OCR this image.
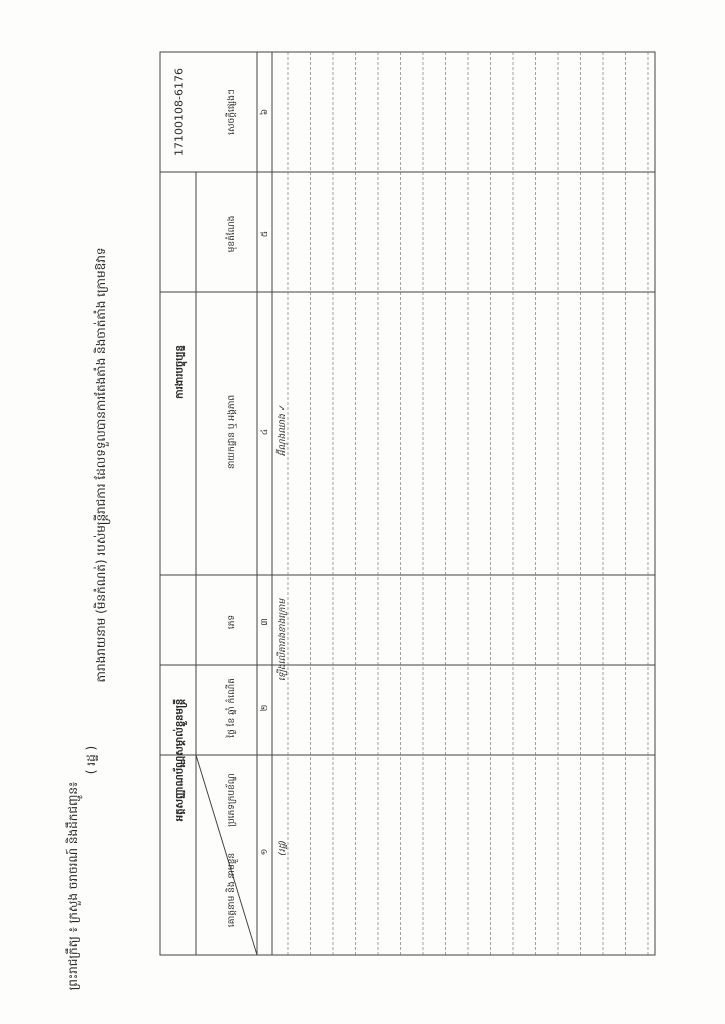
តារាងរាយនាម (មិនកំណត់) របស់មន្ត្រីរាជការ ដែលទទួលបានការតែងតាំង និងចាត់តាំង ក្រោមឱវាទ
ព្រះរាជក្រឹត្យ ៖ ក្រសួង ចរាចរណ៍ និងដឹកជញ្ជូន៖
( រដ្ឋ )
17100108-6176
អត្តសញ្ញាណប័ណ្ណសម្គាល់ខ្លួនមន្ត្រី
ការងារបច្ចុប្បន្ន
គោត្តនាម និង នាមខ្លួន
ប្រភេទក្របខ័ណ្ឌ
ថ្ងៃ ខែ ឆ្នាំ កំណើត
ភេទ
នាយកដ្ឋាន ឬ អង្គភាព
មុខតំណែង
សេចក្តីផ្សេងៗ
១
២
៣
៤
៥
៦
(រដ្ឋ)
ឡើងលើតារាងខាងក្រោម
អ៊ីណុងឈាង ✓
